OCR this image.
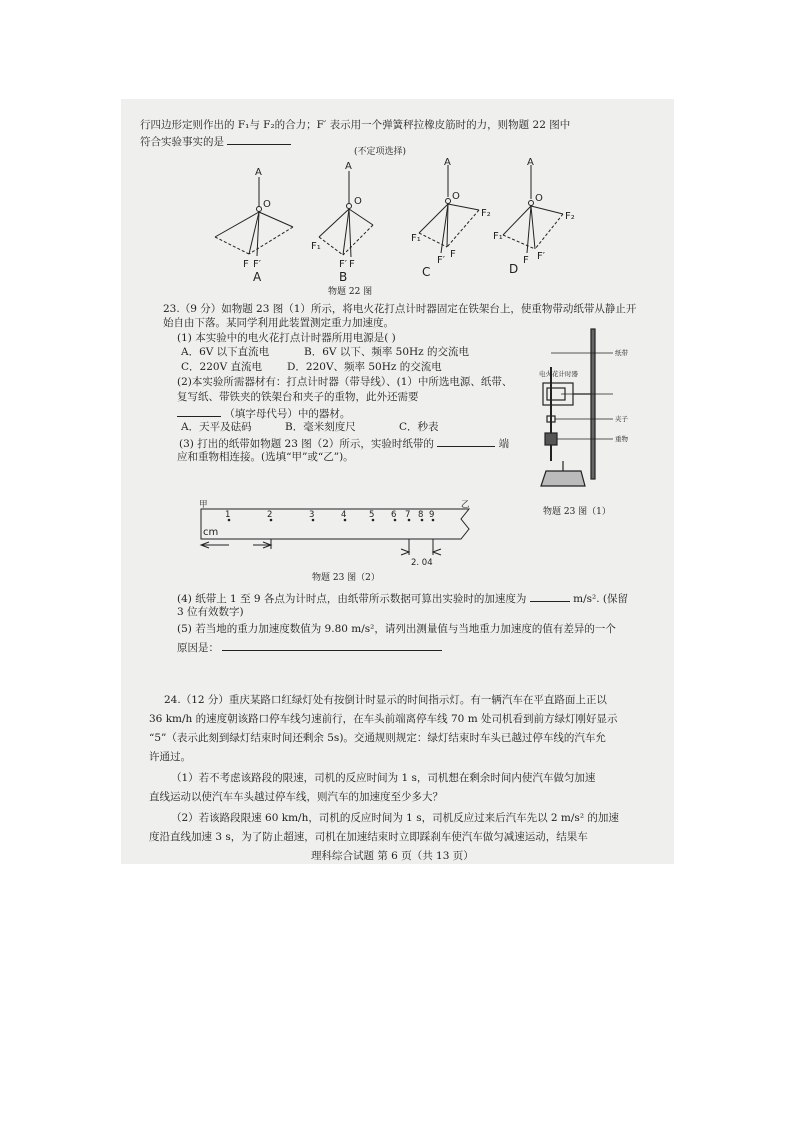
行四边形定则作出的 F₁与 F₂的合力；F′ 表示用一个弹簧秤拉橡皮筋时的力，则物题 22 图中
符合实验事实的是
(不定项选择)
A
O
F F′
A
O
F₁
F′ F
A
O
F₁
F₂
F′
F
A
O
F₁
F₂
F F′
A	B	C	D
物题 22 图
23.（9 分）如物题 23 图（1）所示，将电火花打点计时器固定在铁架台上，使重物带动纸带从静止开
始自由下落。某同学利用此装置测定重力加速度。
(1) 本实验中的电火花打点计时器所用电源是( )
A．6V 以下直流电	B．6V 以下、频率 50Hz 的交流电
C．220V 直流电 D．220V、频率 50Hz 的交流电
(2)本实验所需器材有：打点计时器（带导线）、(1）中所选电源、纸带、
复写纸、带铁夹的铁架台和夹子的重物，此外还需要
（填字母代号）中的器材。
A．天平及砝码	B．毫米刻度尺	C．秒表
(3) 打出的纸带如物题 23 图（2）所示，实验时纸带的	端
应和重物相连接。(选填“甲”或“乙”)。
纸带
电火花计时器
夹子
重物
物题 23 图（1）
甲	乙
cm
1	2	3	4	5 6 7 8 9
2. 04
物题 23 图（2）
(4) 纸带上 1 至 9 各点为计时点，由纸带所示数据可算出实验时的加速度为	m/s². (保留
3 位有效数字)
(5) 若当地的重力加速度数值为 9.80 m/s²，请列出测量值与当地重力加速度的值有差异的一个
原因是：
24.（12 分）重庆某路口红绿灯处有按倒计时显示的时间指示灯。有一辆汽车在平直路面上正以
36 km/h 的速度朝该路口停车线匀速前行，在车头前端离停车线 70 m 处司机看到前方绿灯刚好显示
“5”（表示此刻到绿灯结束时间还剩余 5s)。交通规则规定：绿灯结束时车头已越过停车线的汽车允
许通过。
（1）若不考虑该路段的限速，司机的反应时间为 1 s，司机想在剩余时间内使汽车做匀加速
直线运动以使汽车车头越过停车线，则汽车的加速度至少多大？
（2）若该路段限速 60 km/h，司机的反应时间为 1 s，司机反应过来后汽车先以 2 m/s² 的加速
度沿直线加速 3 s，为了防止超速，司机在加速结束时立即踩刹车使汽车做匀减速运动，结果车
理科综合试题 第 6 页（共 13 页）
